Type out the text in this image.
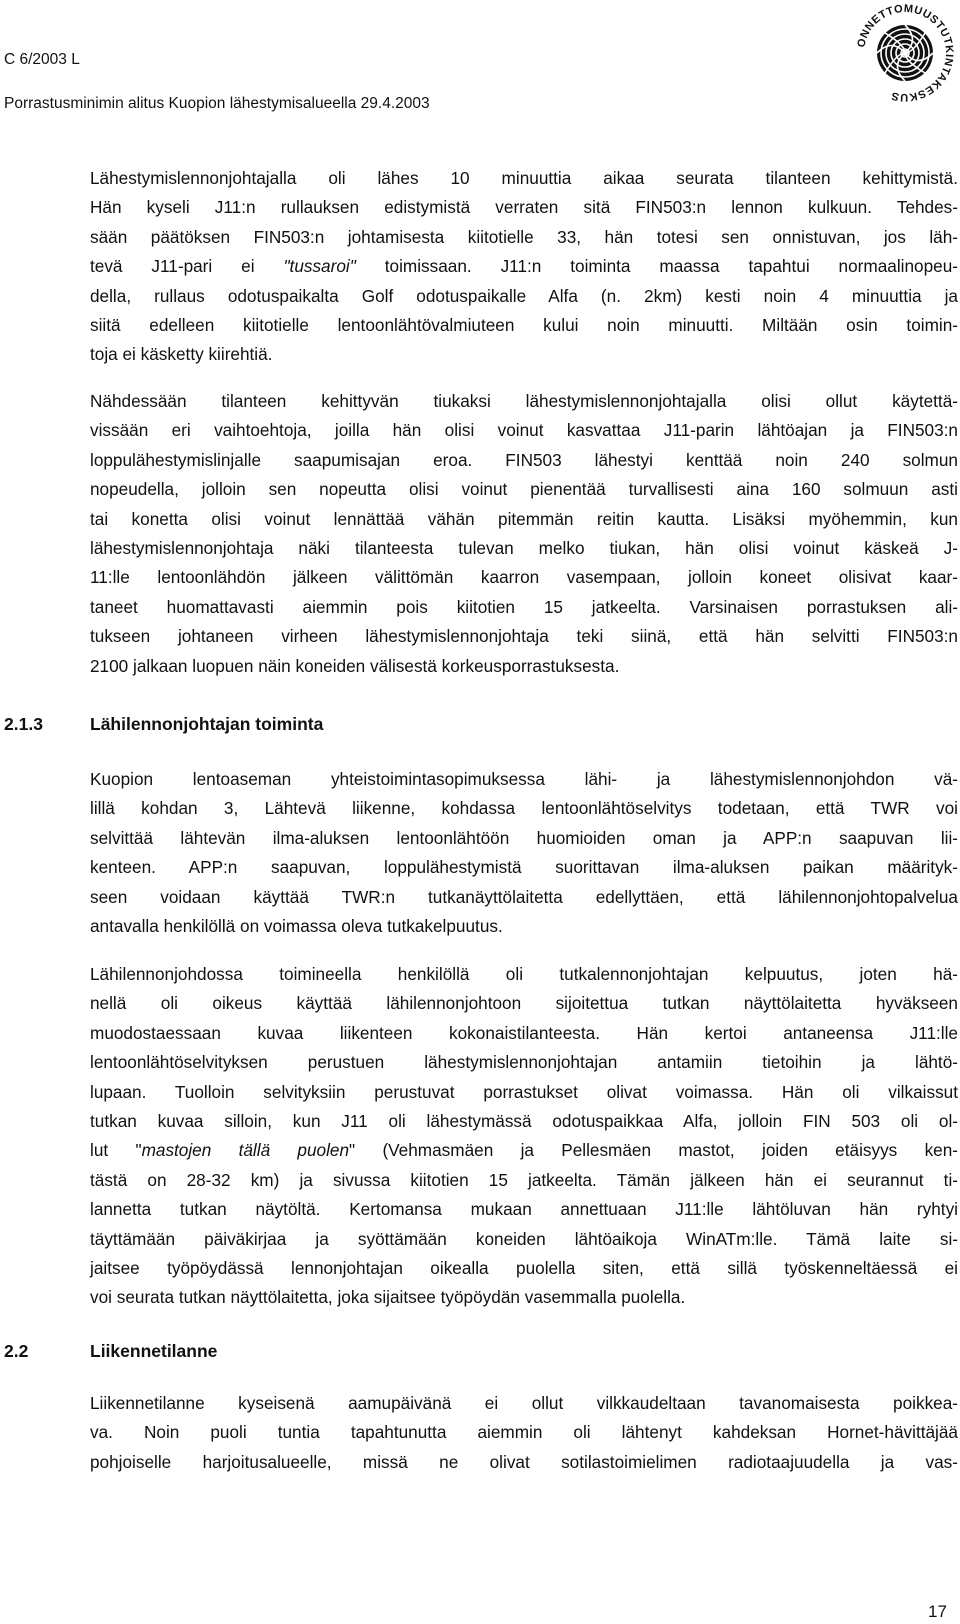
C 6/2003 L
Porrastusminimin alitus Kuopion lähestymisalueella 29.4.2003
ONNETTOMUUSTUTKINTAKESKUS
Lähestymislennonjohtajalla oli lähes 10 minuuttia aikaa seurata tilanteen kehittymistä.
Hän kyseli J11:n rullauksen edistymistä verraten sitä FIN503:n lennon kulkuun. Tehdes-
sään päätöksen FIN503:n johtamisesta kiitotielle 33, hän totesi sen onnistuvan, jos läh-
tevä J11-pari ei "tussaroi" toimissaan. J11:n toiminta maassa tapahtui normaalinopeu-
della, rullaus odotuspaikalta Golf odotuspaikalle Alfa (n. 2km) kesti noin 4 minuuttia ja
siitä edelleen kiitotielle lentoonlähtövalmiuteen kului noin minuutti. Miltään osin toimin-
toja ei käsketty kiirehtiä.
Nähdessään tilanteen kehittyvän tiukaksi lähestymislennonjohtajalla olisi ollut käytettä-
vissään eri vaihtoehtoja, joilla hän olisi voinut kasvattaa J11-parin lähtöajan ja FIN503:n
loppulähestymislinjalle saapumisajan eroa. FIN503 lähestyi kenttää noin 240 solmun
nopeudella, jolloin sen nopeutta olisi voinut pienentää turvallisesti aina 160 solmuun asti
tai konetta olisi voinut lennättää vähän pitemmän reitin kautta. Lisäksi myöhemmin, kun
lähestymislennonjohtaja näki tilanteesta tulevan melko tiukan, hän olisi voinut käskeä J-
11:lle lentoonlähdön jälkeen välittömän kaarron vasempaan, jolloin koneet olisivat kaar-
taneet huomattavasti aiemmin pois kiitotien 15 jatkeelta. Varsinaisen porrastuksen ali-
tukseen johtaneen virheen lähestymislennonjohtaja teki siinä, että hän selvitti FIN503:n
2100 jalkaan luopuen näin koneiden välisestä korkeusporrastuksesta.
2.1.3	Lähilennonjohtajan toiminta
Kuopion lentoaseman yhteistoimintasopimuksessa lähi- ja lähestymislennonjohdon vä-
lillä kohdan 3, Lähtevä liikenne, kohdassa lentoonlähtöselvitys todetaan, että TWR voi
selvittää lähtevän ilma-aluksen lentoonlähtöön huomioiden oman ja APP:n saapuvan lii-
kenteen. APP:n saapuvan, loppulähestymistä suorittavan ilma-aluksen paikan määrityk-
seen voidaan käyttää TWR:n tutkanäyttölaitetta edellyttäen, että lähilennonjohtopalvelua
antavalla henkilöllä on voimassa oleva tutkakelpuutus.
Lähilennonjohdossa toimineella henkilöllä oli tutkalennonjohtajan kelpuutus, joten hä-
nellä oli oikeus käyttää lähilennonjohtoon sijoitettua tutkan näyttölaitetta hyväkseen
muodostaessaan kuvaa liikenteen kokonaistilanteesta. Hän kertoi antaneensa J11:lle
lentoonlähtöselvityksen perustuen lähestymislennonjohtajan antamiin tietoihin ja lähtö-
lupaan. Tuolloin selvityksiin perustuvat porrastukset olivat voimassa. Hän oli vilkaissut
tutkan kuvaa silloin, kun J11 oli lähestymässä odotuspaikkaa Alfa, jolloin FIN 503 oli ol-
lut "mastojen tällä puolen" (Vehmasmäen ja Pellesmäen mastot, joiden etäisyys ken-
tästä on 28-32 km) ja sivussa kiitotien 15 jatkeelta. Tämän jälkeen hän ei seurannut ti-
lannetta tutkan näytöltä. Kertomansa mukaan annettuaan J11:lle lähtöluvan hän ryhtyi
täyttämään päiväkirjaa ja syöttämään koneiden lähtöaikoja WinATm:lle. Tämä laite si-
jaitsee työpöydässä lennonjohtajan oikealla puolella siten, että sillä työskenneltäessä ei
voi seurata tutkan näyttölaitetta, joka sijaitsee työpöydän vasemmalla puolella.
2.2	Liikennetilanne
Liikennetilanne kyseisenä aamupäivänä ei ollut vilkkaudeltaan tavanomaisesta poikkea-
va. Noin puoli tuntia tapahtunutta aiemmin oli lähtenyt kahdeksan Hornet-hävittäjää
pohjoiselle harjoitusalueelle, missä ne olivat sotilastoimielimen radiotaajuudella ja vas-
17
